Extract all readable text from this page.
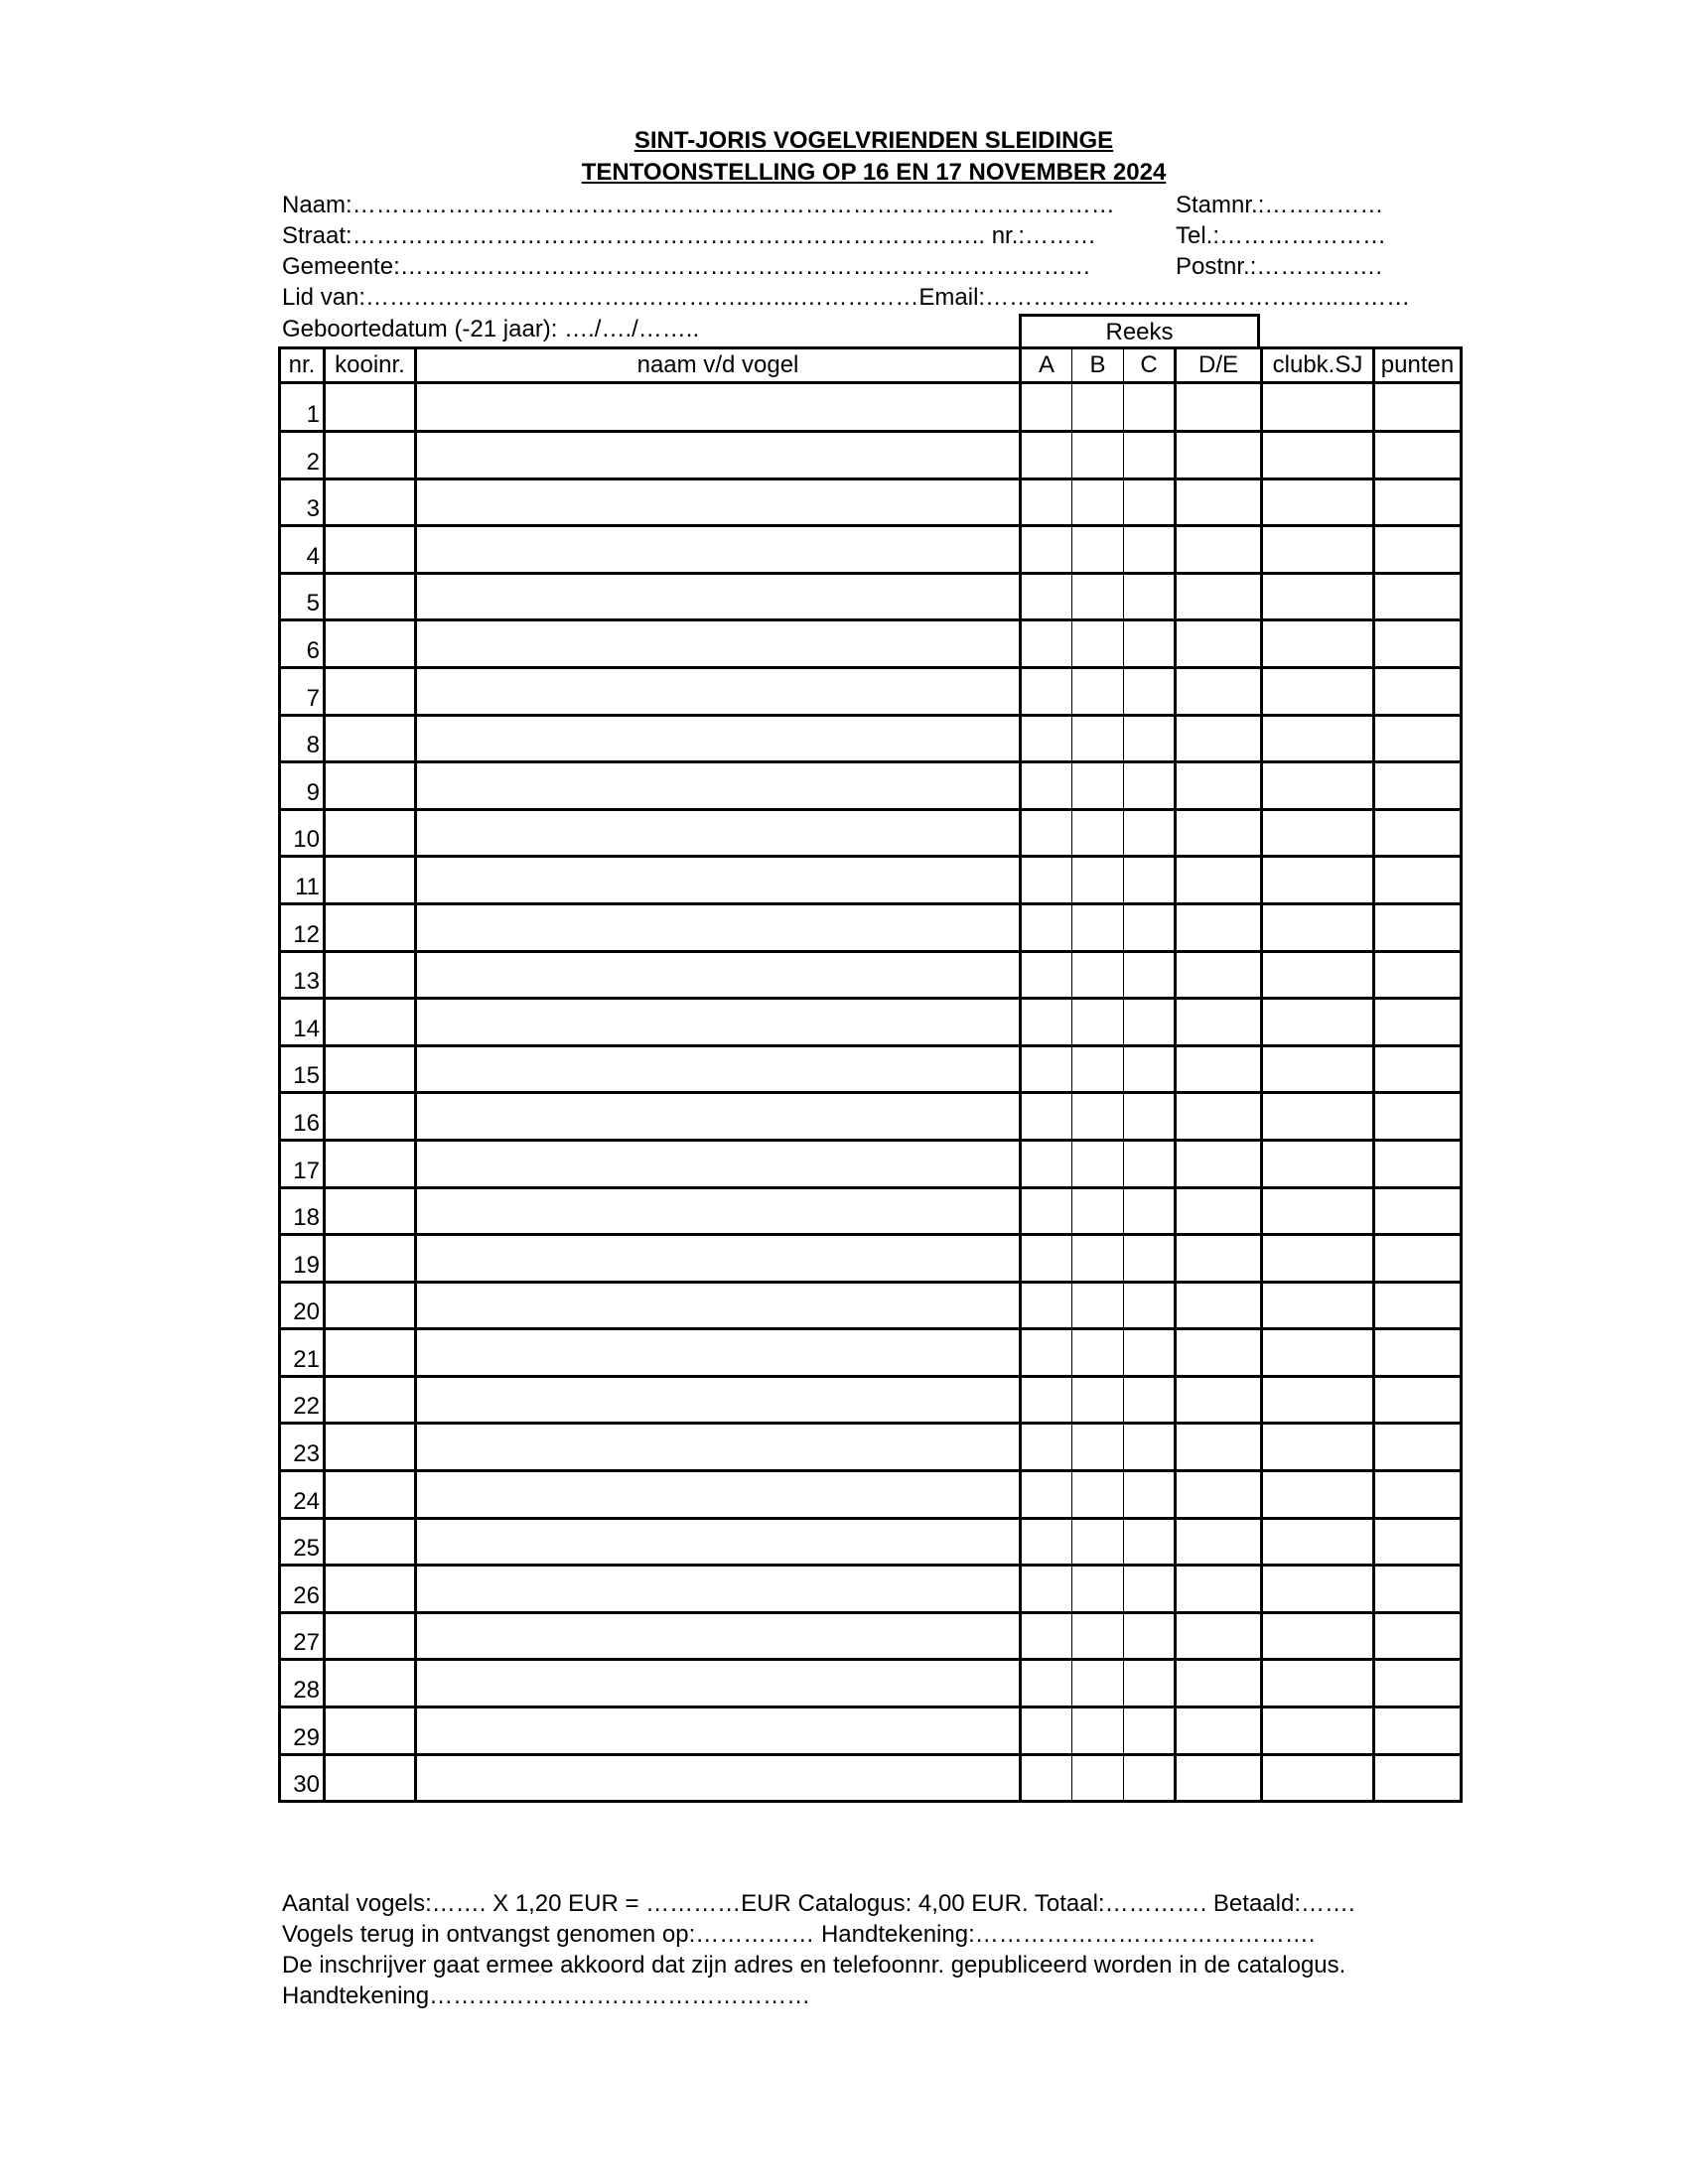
SINT-JORIS VOGELVRIENDEN SLEIDINGE
TENTOONSTELLING OP 16 EN 17 NOVEMBER 2024
Naam:……………………………………………………………………………………	Stamnr.:……………
Straat:…………………………………………………………………….. nr.:………	Tel.:…………………
Gemeente:……………………………………………………………………………	Postnr.:…………….
Lid van:……………………………..…………..…....……………Email:………………………………….…..………
Geboortedatum (-21 jaar): …./…./……..	Reeks
nr.	kooinr.	naam v/d vogel	A	B	C	D/E	clubk.SJ	punten
1								
2								
3								
4								
5								
6								
7								
8								
9								
10								
11								
12								
13								
14								
15								
16								
17								
18								
19								
20								
21								
22								
23								
24								
25								
26								
27								
28								
29								
30								
Aantal vogels:……. X 1,20 EUR = …………EUR Catalogus: 4,00 EUR. Totaal:…………. Betaald:…….
Vogels terug in ontvangst genomen op:…………… Handtekening:…………………………………….
De inschrijver gaat ermee akkoord dat zijn adres en telefoonnr. gepubliceerd worden in de catalogus.
Handtekening…………………………………………
